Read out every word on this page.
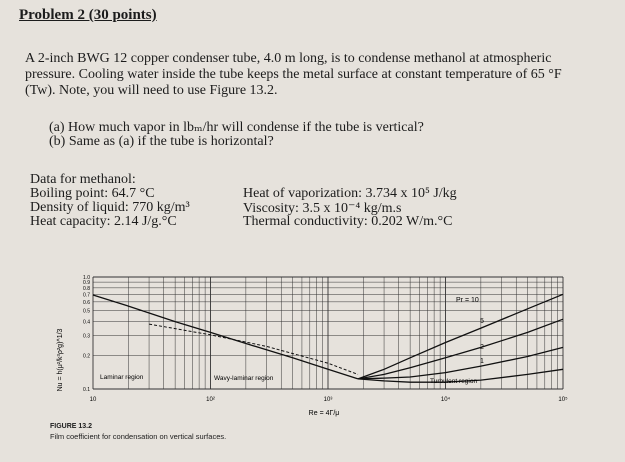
Problem 2 (30 points)
A 2-inch BWG 12 copper condenser tube, 4.0 m long, is to condense methanol at atmospheric
pressure. Cooling water inside the tube keeps the metal surface at constant temperature of 65 °F
(Tw). Note, you will need to use Figure 13.2.
(a) How much vapor in lbₘ/hr will condense if the tube is vertical?
(b) Same as (a) if the tube is horizontal?
Data for methanol:
Boiling point: 64.7 °C
Density of liquid: 770 kg/m³
Heat capacity: 2.14 J/g.°C
Heat of vaporization: 3.734 x 10⁵ J/kg
Viscosity: 3.5 x 10⁻⁴ kg/m.s
Thermal conductivity: 0.202 W/m.°C
1.0
0.9
0.8
0.7
0.6
0.5
0.4
0.3
0.2
0.1
10	10²	10³	10⁴	10⁵
Nu = h(μ²/k³ρ²g)^1/3
Re = 4Γ/μ
Laminar region	Wavy-laminar region	Turbulent region
Pr = 10
5
2
1
FIGURE 13.2
Film coefficient for condensation on vertical surfaces.
